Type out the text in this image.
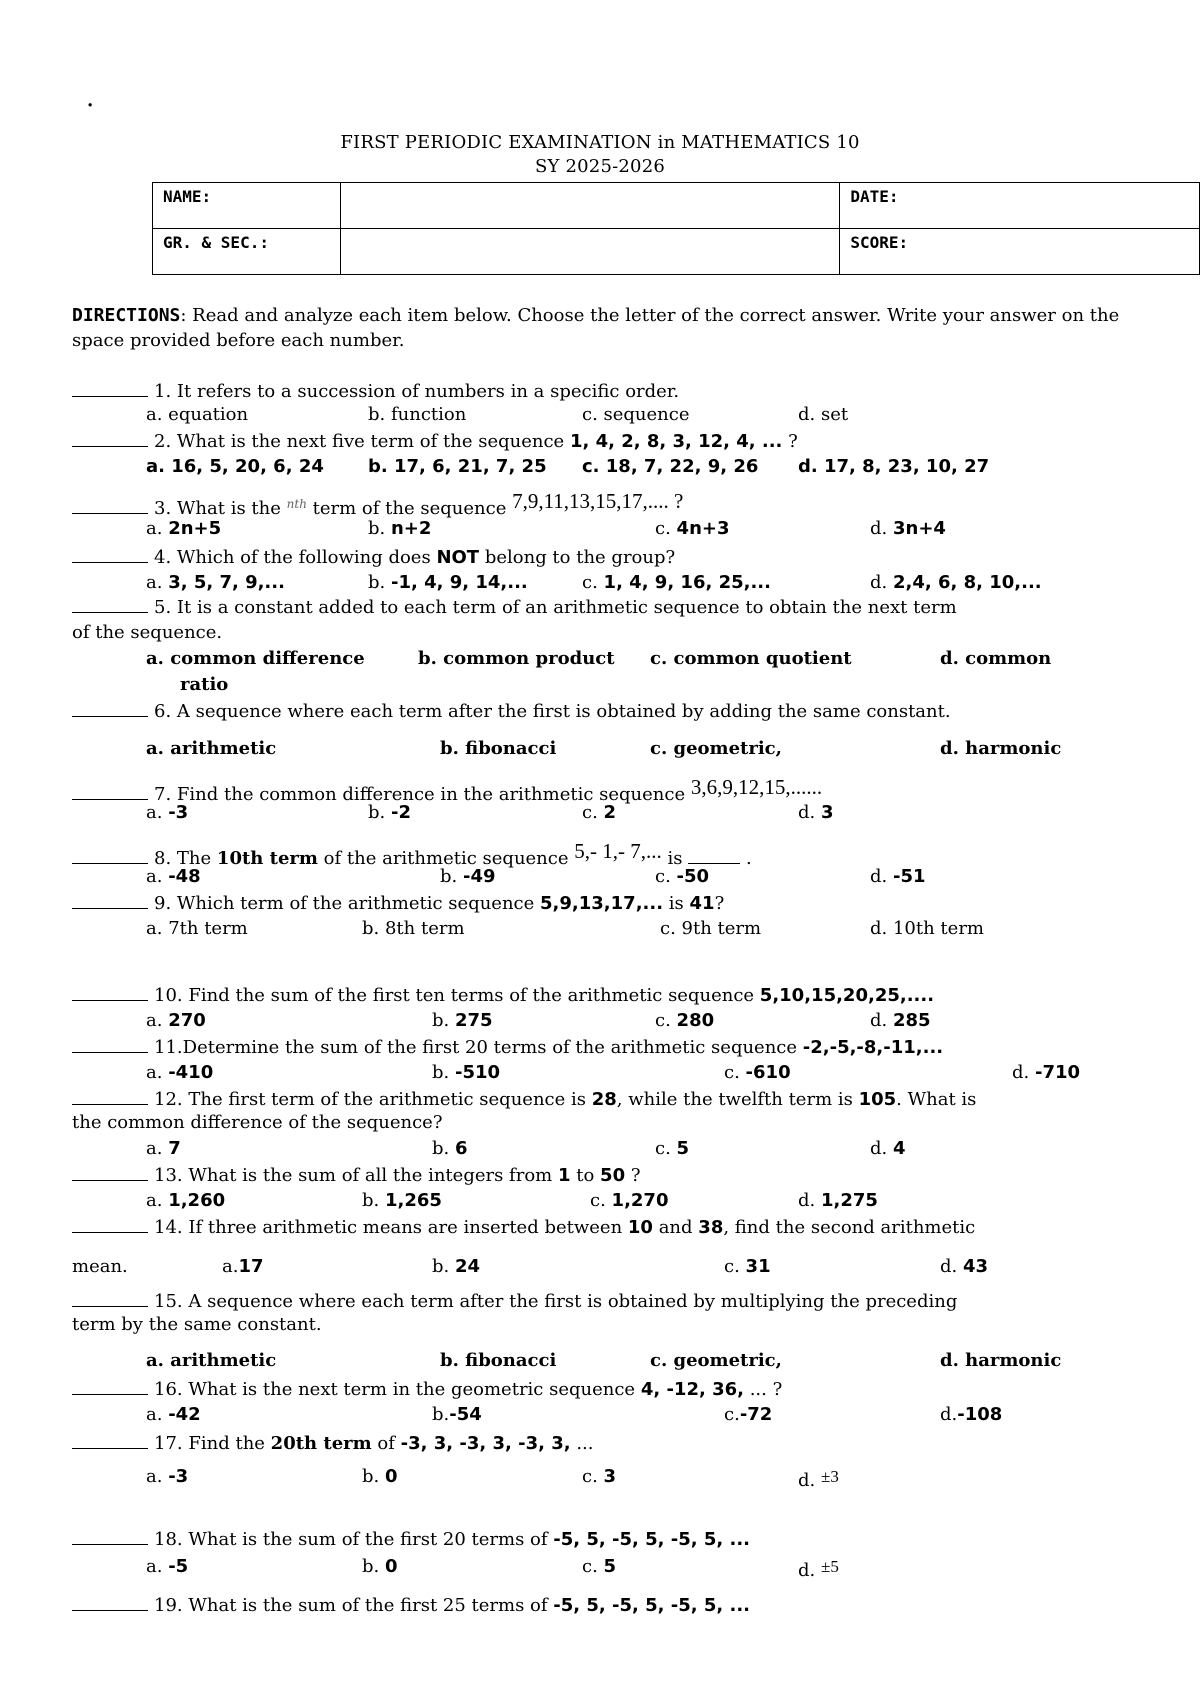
.
FIRST PERIODIC EXAMINATION in MATHEMATICS 10
SY 2025-2026
NAME:		DATE:
GR. & SEC.:		SCORE:
DIRECTIONS: Read and analyze each item below. Choose the letter of the correct answer. Write your answer on the space provided before each number.
1. It refers to a succession of numbers in a specific order.
a. equation	b. function	c. sequence	d. set
2. What is the next five term of the sequence 1, 4, 2, 8, 3, 12, 4, ... ?
a. 16, 5, 20, 6, 24 b. 17, 6, 21, 7, 25 c. 18, 7, 22, 9, 26 d. 17, 8, 23, 10, 27
3. What is the $^{nth}$ term of the sequence 7,9,11,13,15,17,.... ?
a. 2n+5	b. n+2	c. 4n+3	d. 3n+4
4. Which of the following does NOT belong to the group?
a. 3, 5, 7, 9,...	b. -1, 4, 9, 14,...	c. 1, 4, 9, 16, 25,...	d. 2,4, 6, 8, 10,...
5. It is a constant added to each term of an arithmetic sequence to obtain the next term
of the sequence.
a. common difference	b. common product c. common quotient	d. common
ratio
6. A sequence where each term after the first is obtained by adding the same constant.
a. arithmetic	b. fibonacci	c. geometric,	d. harmonic
7. Find the common difference in the arithmetic sequence 3,6,9,12,15,......
a. -3	b. -2	c. 2	d. 3
8. The 10th term of the arithmetic sequence 5,- 1,- 7,... is	.
a. -48	b. -49	c. -50	d. -51
9. Which term of the arithmetic sequence 5,9,13,17,... is 41?
a. 7th term	b. 8th term	c. 9th term	d. 10th term
10. Find the sum of the first ten terms of the arithmetic sequence 5,10,15,20,25,....
a. 270	b. 275	c. 280	d. 285
11.Determine the sum of the first 20 terms of the arithmetic sequence -2,-5,-8,-11,...
a. -410	b. -510	c. -610	d. -710
12. The first term of the arithmetic sequence is 28, while the twelfth term is 105. What is
the common difference of the sequence?
a. 7	b. 6	c. 5	d. 4
13. What is the sum of all the integers from 1 to 50 ?
a. 1,260	b. 1,265	c. 1,270	d. 1,275
14. If three arithmetic means are inserted between 10 and 38, find the second arithmetic
mean.	a.17	b. 24	c. 31	d. 43
15. A sequence where each term after the first is obtained by multiplying the preceding
term by the same constant.
a. arithmetic	b. fibonacci	c. geometric,	d. harmonic
16. What is the next term in the geometric sequence 4, -12, 36, ... ?
a. -42	b.-54	c.-72	d.-108
17. Find the 20th term of -3, 3, -3, 3, -3, 3, ...
a. -3	b. 0	c. 3	d. ±3
18. What is the sum of the first 20 terms of -5, 5, -5, 5, -5, 5, ...
a. -5	b. 0	c. 5	d. ±5
19. What is the sum of the first 25 terms of -5, 5, -5, 5, -5, 5, ...
